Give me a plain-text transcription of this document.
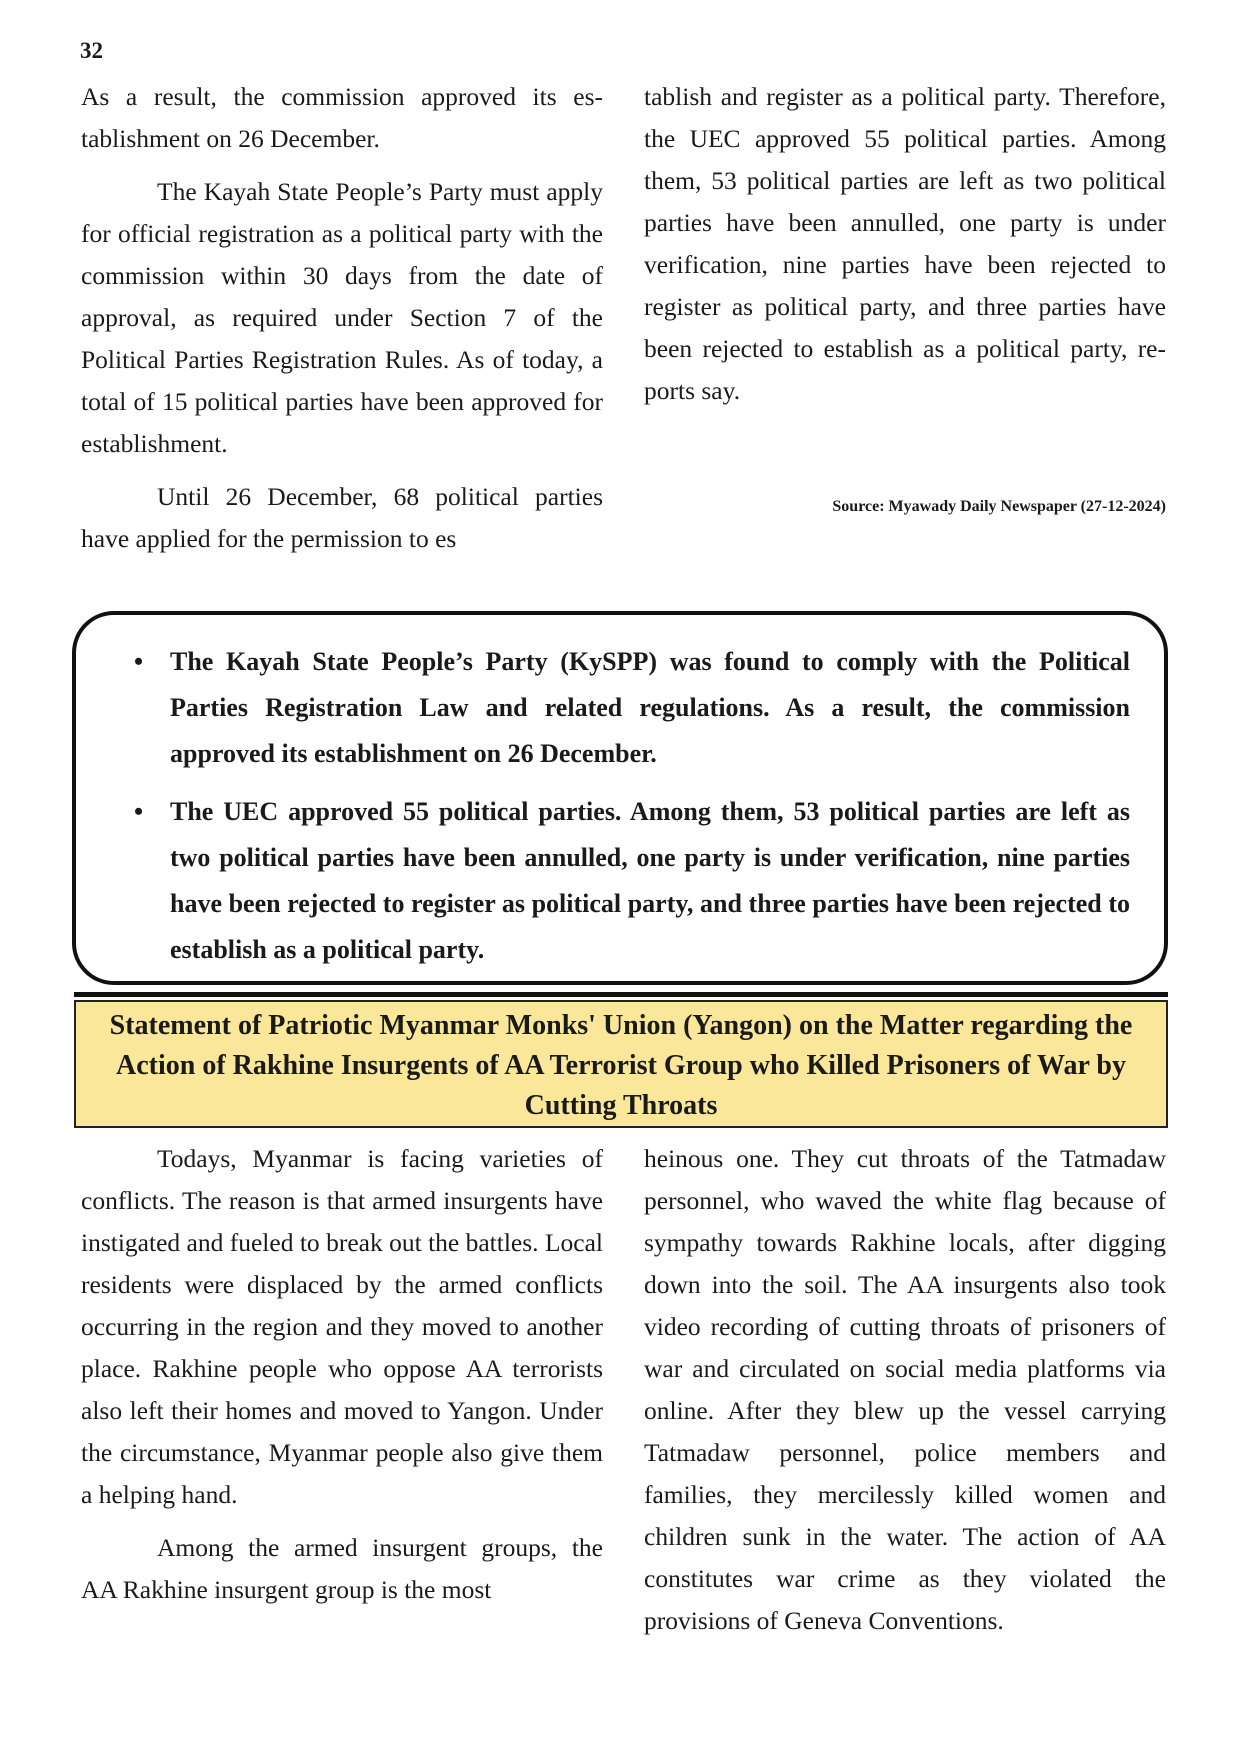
32

As a result, the commission approved its establishment on 26 December.

The Kayah State People’s Party must apply for official registration as a political party with the commission within 30 days from the date of approval, as required under Section 7 of the Political Parties Registration Rules. As of today, a total of 15 political parties have been approved for establishment.

Until 26 December, 68 political parties have applied for the permission to es

tablish and register as a political party. Therefore, the UEC approved 55 political parties. Among them, 53 political parties are left as two political parties have been annulled, one party is under verification, nine parties have been rejected to register as political party, and three parties have been rejected to establish as a political party, reports say.

Source: Myawady Daily Newspaper (27-12-2024)
• The Kayah State People’s Party (KySPP) was found to comply with the Political Parties Registration Law and related regulations. As a result, the commission approved its establishment on 26 December.
• The UEC approved 55 political parties. Among them, 53 political parties are left as two political parties have been annulled, one party is under verification, nine parties have been rejected to register as political party, and three parties have been rejected to establish as a political party.
Statement of Patriotic Myanmar Monks' Union (Yangon) on the Matter regarding the Action of Rakhine Insurgents of AA Terrorist Group who Killed Prisoners of War by Cutting Throats

Todays, Myanmar is facing varieties of conflicts. The reason is that armed insurgents have instigated and fueled to break out the battles. Local residents were displaced by the armed conflicts occurring in the region and they moved to another place. Rakhine people who oppose AA terrorists also left their homes and moved to Yangon. Under the circumstance, Myanmar people also give them a helping hand.

Among the armed insurgent groups, the AA Rakhine insurgent group is the most

heinous one. They cut throats of the Tatmadaw personnel, who waved the white flag because of sympathy towards Rakhine locals, after digging down into the soil. The AA insurgents also took video recording of cutting throats of prisoners of war and circulated on social media platforms via online. After they blew up the vessel carrying Tatmadaw personnel, police members and families, they mercilessly killed women and children sunk in the water. The action of AA constitutes war crime as they violated the provisions of Geneva Conventions.
